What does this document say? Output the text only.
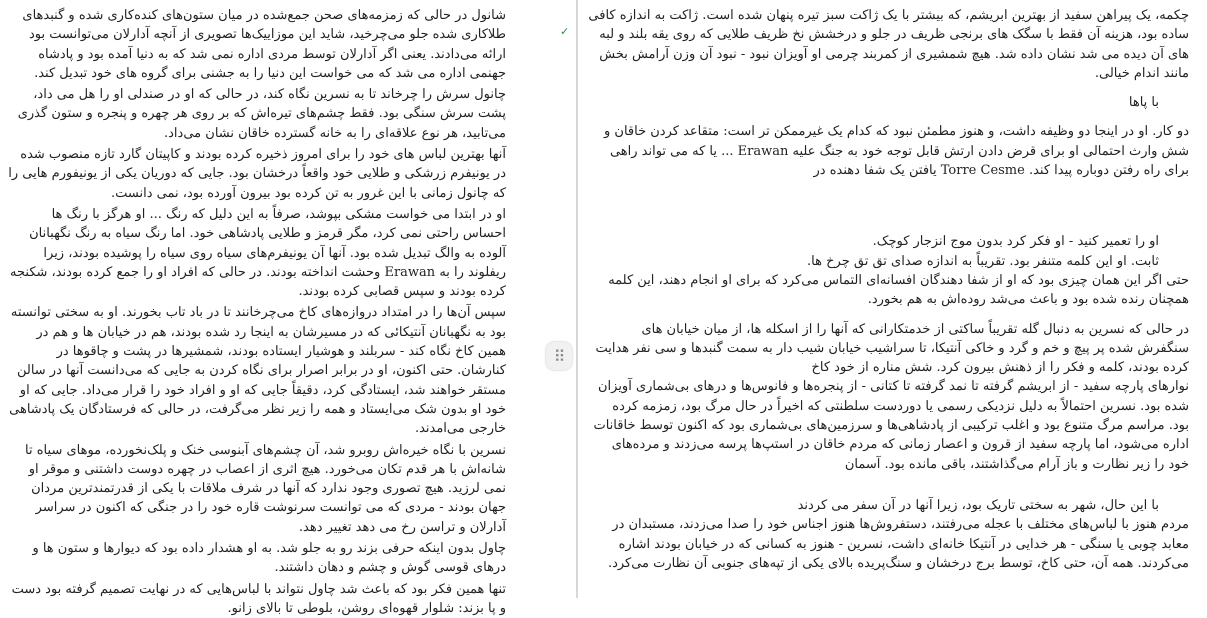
شانول در حالی که زمزمه‌های صحن جمع‌شده در میان ستون‌های کنده‌کاری شده و گنبدهای طلاکاری شده جلو می‌چرخید، شاید این موزاییک‌ها تصویری از آنچه آدارلان می‌توانست بود ارائه می‌دادند. یعنی اگر آدارلان توسط مردی اداره نمی شد که به دنیا آمده بود و پادشاه جهنمی اداره می شد که می خواست این دنیا را به جشنی برای گروه های خود تبدیل کند.

چانول سرش را چرخاند تا به نسرین نگاه کند، در حالی که او در صندلی او را هل می داد، پشت سرش سنگی بود. فقط چشم‌های تیره‌اش که بر روی هر چهره و پنجره و ستون گذری می‌تابید، هر نوع علاقه‌ای را به خانه گسترده خاقان نشان می‌داد.

آنها بهترین لباس های خود را برای امروز ذخیره کرده بودند و کاپیتان گارد تازه منصوب شده در یونیفرم زرشکی و طلایی خود واقعاً درخشان بود. جایی که دوریان یکی از یونیفورم هایی را که چانول زمانی با این غرور به تن کرده بود بیرون آورده بود، نمی دانست.

او در ابتدا می خواست مشکی بپوشد، صرفاً به این دلیل که رنگ ... او هرگز با رنگ ها احساس راحتی نمی کرد، مگر قرمز و طلایی پادشاهی خود. اما رنگ سیاه به رنگ نگهبانان آلوده به والگ تبدیل شده بود. آنها آن یونیفرم‌های سیاه روی سیاه را پوشیده بودند، زیرا ریفلوند را به Erawan وحشت انداخته بودند. در حالی که افراد او را جمع کرده بودند، شکنجه کرده بودند و سپس قصابی کرده بودند.

سپس آن‌ها را در امتداد دروازه‌های کاخ می‌چرخانند تا در باد تاب بخورند. او به سختی توانسته بود به نگهبانان آنتیکائی که در مسیرشان به اینجا رد شده بودند، هم در خیابان ها و هم در همین کاخ نگاه کند - سربلند و هوشیار ایستاده بودند، شمشیرها در پشت و چاقوها در کنارشان. حتی اکنون، او در برابر اصرار برای نگاه کردن به جایی که می‌دانست آنها در سالن مستقر خواهند شد، ایستادگی کرد، دقیقاً جایی که او و افراد خود را قرار می‌داد. جایی که او خود او بدون شک می‌ایستاد و همه را زیر نظر می‌گرفت، در حالی که فرستادگان یک پادشاهی خارجی می‌امدند.

نسرین با نگاه خیره‌اش روبرو شد، آن چشم‌های آبنوسی خنک و پلک‌نخورده، موهای سیاه تا شانه‌اش با هر قدم تکان می‌خورد. هیچ اثری از اعصاب در چهره دوست داشتنی و موقر او نمی لرزید. هیچ تصوری وجود ندارد که آنها در شرف ملاقات با یکی از قدرتمندترین مردان جهان بودند - مردی که می توانست سرنوشت قاره خود را در جنگی که اکنون در سراسر آدارلان و تراسن رخ می دهد تغییر دهد.

چاول بدون اینکه حرفی بزند رو به جلو شد. به او هشدار داده بود که دیوارها و ستون ها و درهای قوسی گوش و چشم و دهان داشتند.

تنها همین فکر بود که باعث شد چاول نتواند با لباس‌هایی که در نهایت تصمیم گرفته بود دست و پا بزند: شلوار قهوه‌ای روشن، بلوطی تا بالای زانو.

چکمه، یک پیراهن سفید از بهترین ابریشم، که بیشتر با یک ژاکت سبز تیره پنهان شده است. ژاکت به اندازه کافی ساده بود، هزینه آن فقط با سگک های برنجی ظریف در جلو و درخشش نخ ظریف طلایی که روی یقه بلند و لبه های آن دیده می شد نشان داده شد. هیچ شمشیری از کمربند چرمی او آویزان نبود - نبود آن وزن آرامش بخش مانند اندام خیالی.

با پاها

دو کار. او در اینجا دو وظیفه داشت، و هنوز مطمئن نبود که کدام یک غیرممکن تر است: متقاعد کردن خاقان و شش وارث احتمالی او برای قرض دادن ارتش قابل توجه خود به جنگ علیه Erawan ... یا که می تواند راهی برای راه رفتن دوباره پیدا کند. Torre Cesme یافتن یک شفا دهنده در

او را تعمیر کنید - او فکر کرد بدون موج انزجار کوچک.

ثابت. او این کلمه متنفر بود. تقریباً به اندازه صدای تق تق چرخ ها.

حتی اگر این همان چیزی بود که او از شفا دهندگان افسانه‌ای التماس می‌کرد که برای او انجام دهند، این کلمه همچنان رنده شده بود و باعث می‌شد روده‌اش به هم بخورد.

در حالی که نسرین به دنبال گله تقریباً ساکتی از خدمتکارانی که آنها را از اسکله ها، از میان خیابان های سنگفرش شده پر پیچ و خم و گرد و خاکی آنتیکا، تا سراشیب خیابان شیب دار به سمت گنبدها و سی نفر هدایت کرده بودند، کلمه و فکر را از ذهنش بیرون کرد. شش مناره از خود کاخ

نوارهای پارچه سفید - از ابریشم گرفته تا نمد گرفته تا کتانی - از پنجره‌ها و فانوس‌ها و درهای بی‌شماری آویزان شده بود. نسرین احتمالاً به دلیل نزدیکی رسمی یا دوردست سلطنتی که اخیراً در حال مرگ بود، زمزمه کرده بود. مراسم مرگ متنوع بود و اغلب ترکیبی از پادشاهی‌ها و سرزمین‌های بی‌شماری بود که اکنون توسط خاقانات اداره می‌شود، اما پارچه سفید از قرون و اعصار زمانی که مردم خاقان در استپ‌ها پرسه می‌زدند و مرده‌های خود را زیر نظارت و باز آرام می‌گذاشتند، باقی مانده بود. آسمان

با این حال، شهر به سختی تاریک بود، زیرا آنها در آن سفر می کردند

مردم هنوز با لباس‌های مختلف با عجله می‌رفتند، دستفروش‌ها هنوز اجناس خود را صدا می‌زدند، مستبدان در معابد چوبی یا سنگی - هر خدایی در آنتیکا خانه‌ای داشت، نسرین - هنوز به کسانی که در خیابان بودند اشاره می‌کردند. همه آن، حتی کاخ، توسط برج درخشان و سنگ‌پریده بالای یکی از تپه‌های جنوبی آن نظارت می‌کرد.

✓
⠿
